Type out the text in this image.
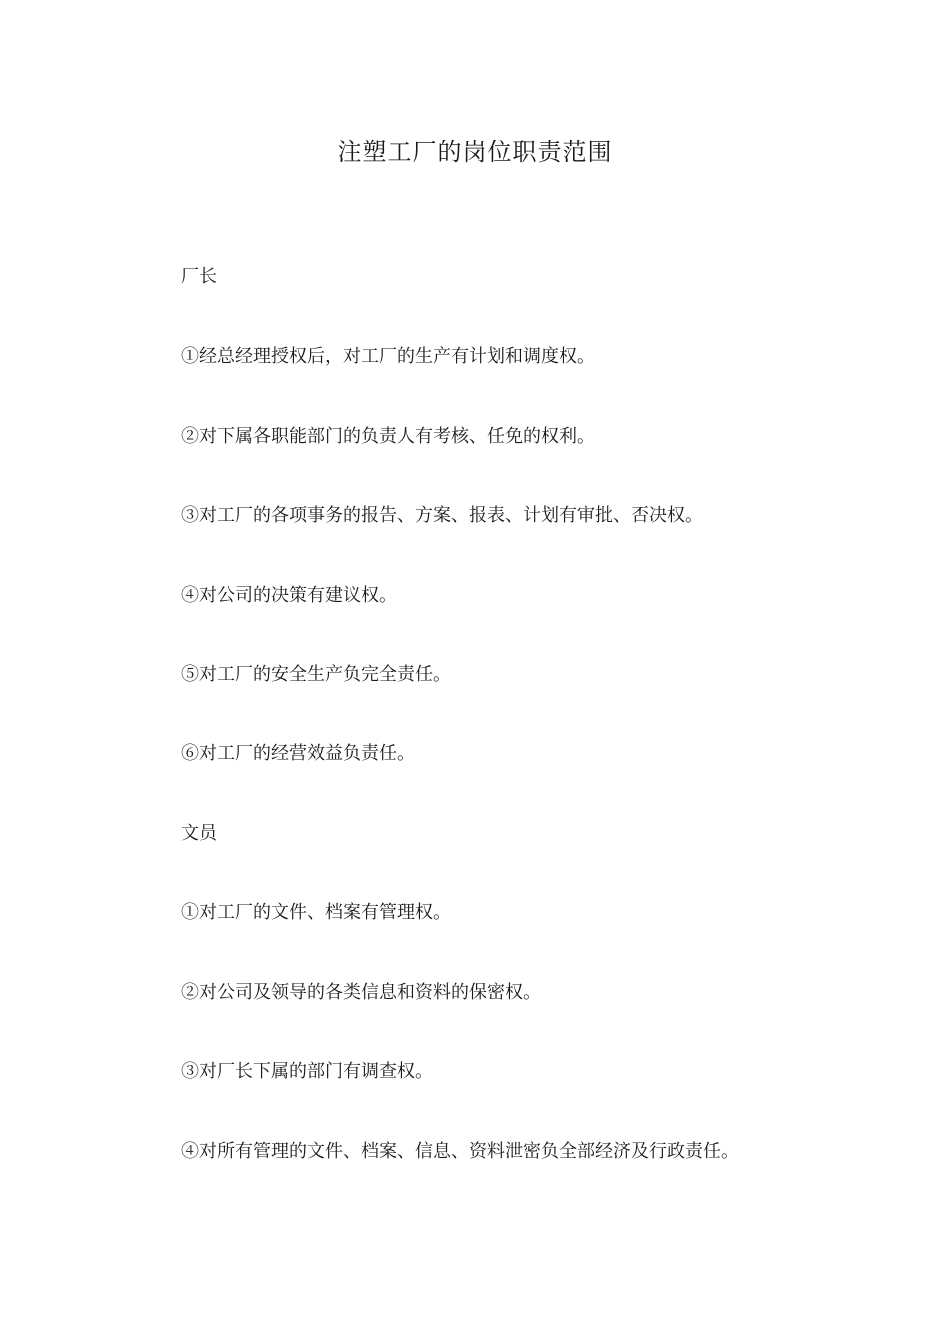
注塑工厂的岗位职责范围

厂长

①经总经理授权后，对工厂的生产有计划和调度权。

②对下属各职能部门的负责人有考核、任免的权利。

③对工厂的各项事务的报告、方案、报表、计划有审批、否决权。

④对公司的决策有建议权。

⑤对工厂的安全生产负完全责任。

⑥对工厂的经营效益负责任。

文员

①对工厂的文件、档案有管理权。

②对公司及领导的各类信息和资料的保密权。

③对厂长下属的部门有调查权。

④对所有管理的文件、档案、信息、资料泄密负全部经济及行政责任。
